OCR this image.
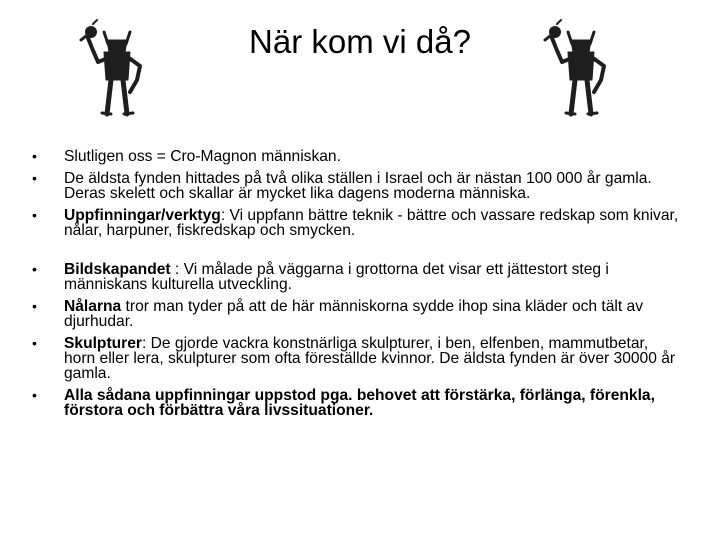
När kom vi då?
• Slutligen oss = Cro-Magnon människan.
• De äldsta fynden hittades på två olika ställen i Israel och är nästan 100 000 år gamla. Deras skelett och skallar är mycket lika dagens moderna människa.
• Uppfinningar/verktyg: Vi uppfann bättre teknik - bättre och vassare redskap som knivar, nålar, harpuner, fiskredskap och smycken.
• Bildskapandet : Vi målade på väggarna i grottorna det visar ett jättestort steg i människans kulturella utveckling.
• Nålarna tror man tyder på att de här människorna sydde ihop sina kläder och tält av djurhudar.
• Skulpturer: De gjorde vackra konstnärliga skulpturer, i ben, elfenben, mammutbetar, horn eller lera, skulpturer som ofta föreställde kvinnor. De äldsta fynden är över 30000 år gamla.
• Alla sådana uppfinningar uppstod pga. behovet att förstärka, förlänga, förenkla, förstora och förbättra våra livssituationer.
